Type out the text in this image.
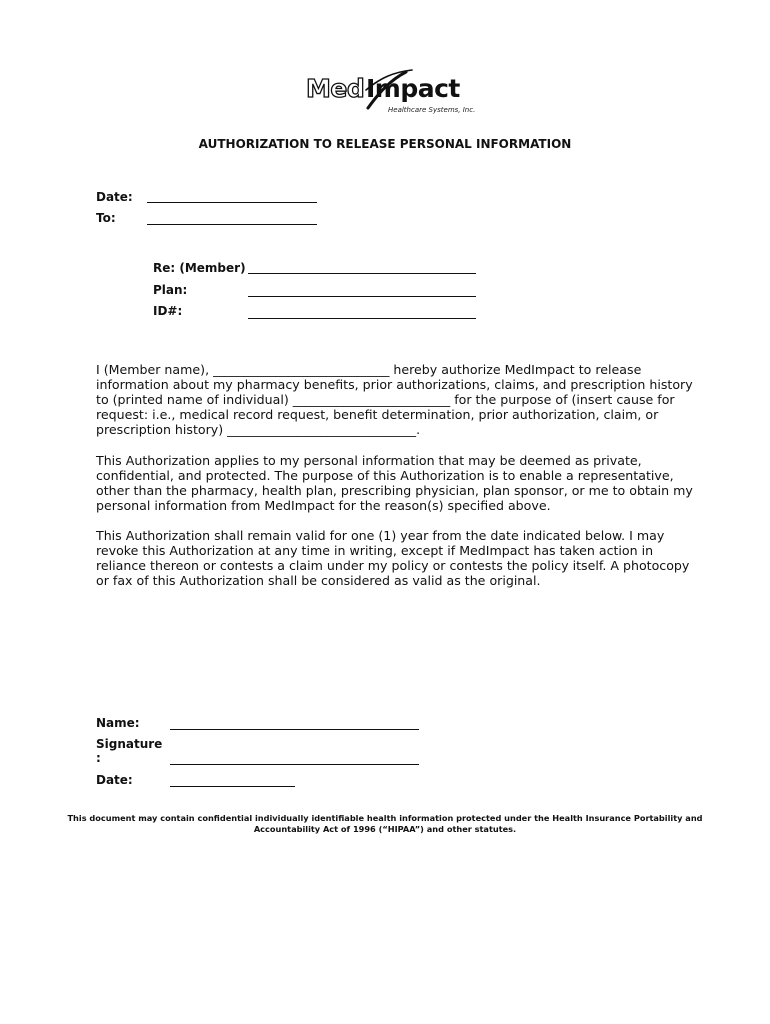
Med Impact
Healthcare Systems, Inc.
AUTHORIZATION TO RELEASE PERSONAL INFORMATION
Date:
To:
Re: (Member)
Plan:
ID#:

I (Member name), ____________________________ hereby authorize MedImpact to release information about my pharmacy benefits, prior authorizations, claims, and prescription history to (printed name of individual) _________________________ for the purpose of (insert cause for request: i.e., medical record request, benefit determination, prior authorization, claim, or prescription history) ______________________________.

This Authorization applies to my personal information that may be deemed as private, confidential, and protected. The purpose of this Authorization is to enable a representative, other than the pharmacy, health plan, prescribing physician, plan sponsor, or me to obtain my personal information from MedImpact for the reason(s) specified above.

This Authorization shall remain valid for one (1) year from the date indicated below. I may revoke this Authorization at any time in writing, except if MedImpact has taken action in reliance thereon or contests a claim under my policy or contests the policy itself. A photocopy or fax of this Authorization shall be considered as valid as the original.

Name:
Signature
:
Date:
This document may contain confidential individually identifiable health information protected under the Health Insurance Portability and Accountability Act of 1996 (“HIPAA”) and other statutes.
